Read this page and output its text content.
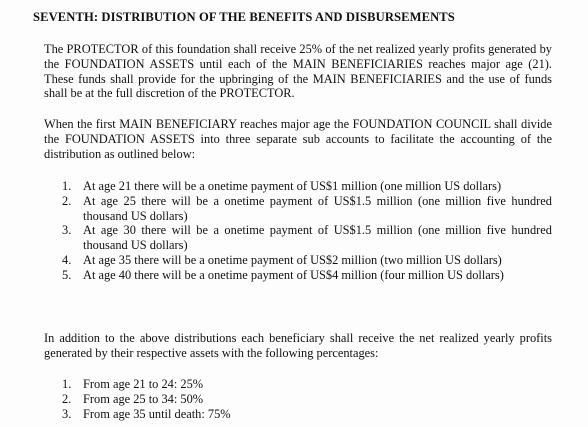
SEVENTH: DISTRIBUTION OF THE BENEFITS AND DISBURSEMENTS

The PROTECTOR of this foundation shall receive 25% of the net realized yearly profits generated by the FOUNDATION ASSETS until each of the MAIN BENEFICIARIES reaches major age (21). These funds shall provide for the upbringing of the MAIN BENEFICIARIES and the use of funds shall be at the full discretion of the PROTECTOR.

When the first MAIN BENEFICIARY reaches major age the FOUNDATION COUNCIL shall divide the FOUNDATION ASSETS into three separate sub accounts to facilitate the accounting of the distribution as outlined below:

1. At age 21 there will be a onetime payment of US$1 million (one million US dollars)
2. At age 25 there will be a onetime payment of US$1.5 million (one million five hundred thousand US dollars)
3. At age 30 there will be a onetime payment of US$1.5 million (one million five hundred thousand US dollars)
4. At age 35 there will be a onetime payment of US$2 million (two million US dollars)
5. At age 40 there will be a onetime payment of US$4 million (four million US dollars)

In addition to the above distributions each beneficiary shall receive the net realized yearly profits generated by their respective assets with the following percentages:

1. From age 21 to 24: 25%
2. From age 25 to 34: 50%
3. From age 35 until death: 75%
